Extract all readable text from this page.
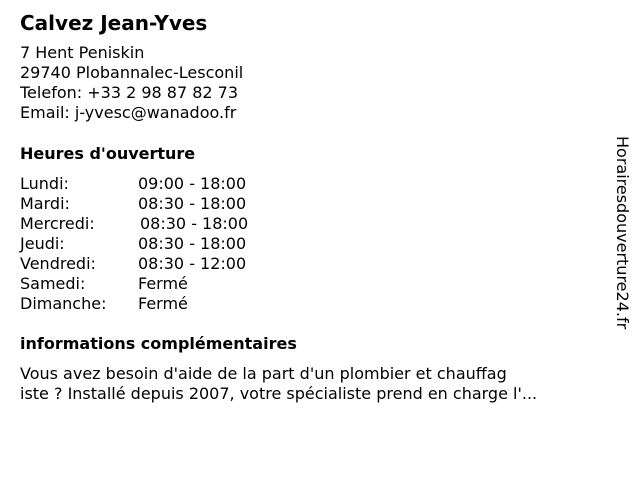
Calvez Jean-Yves
7 Hent Peniskin
29740 Plobannalec-Lesconil
Telefon: +33 2 98 87 82 73
Email: j-yvesc@wanadoo.fr
Heures d'ouverture
Lundi:	09:00 - 18:00
Mardi:	08:30 - 18:00
Mercredi:	08:30 - 18:00
Jeudi:	08:30 - 18:00
Vendredi:	08:30 - 12:00
Samedi:	Fermé
Dimanche: Fermé
informations complémentaires
Vous avez besoin d'aide de la part d'un plombier et chauffag
iste ? Installé depuis 2007, votre spécialiste prend en charge l'...
Horairesdouverture24.fr
